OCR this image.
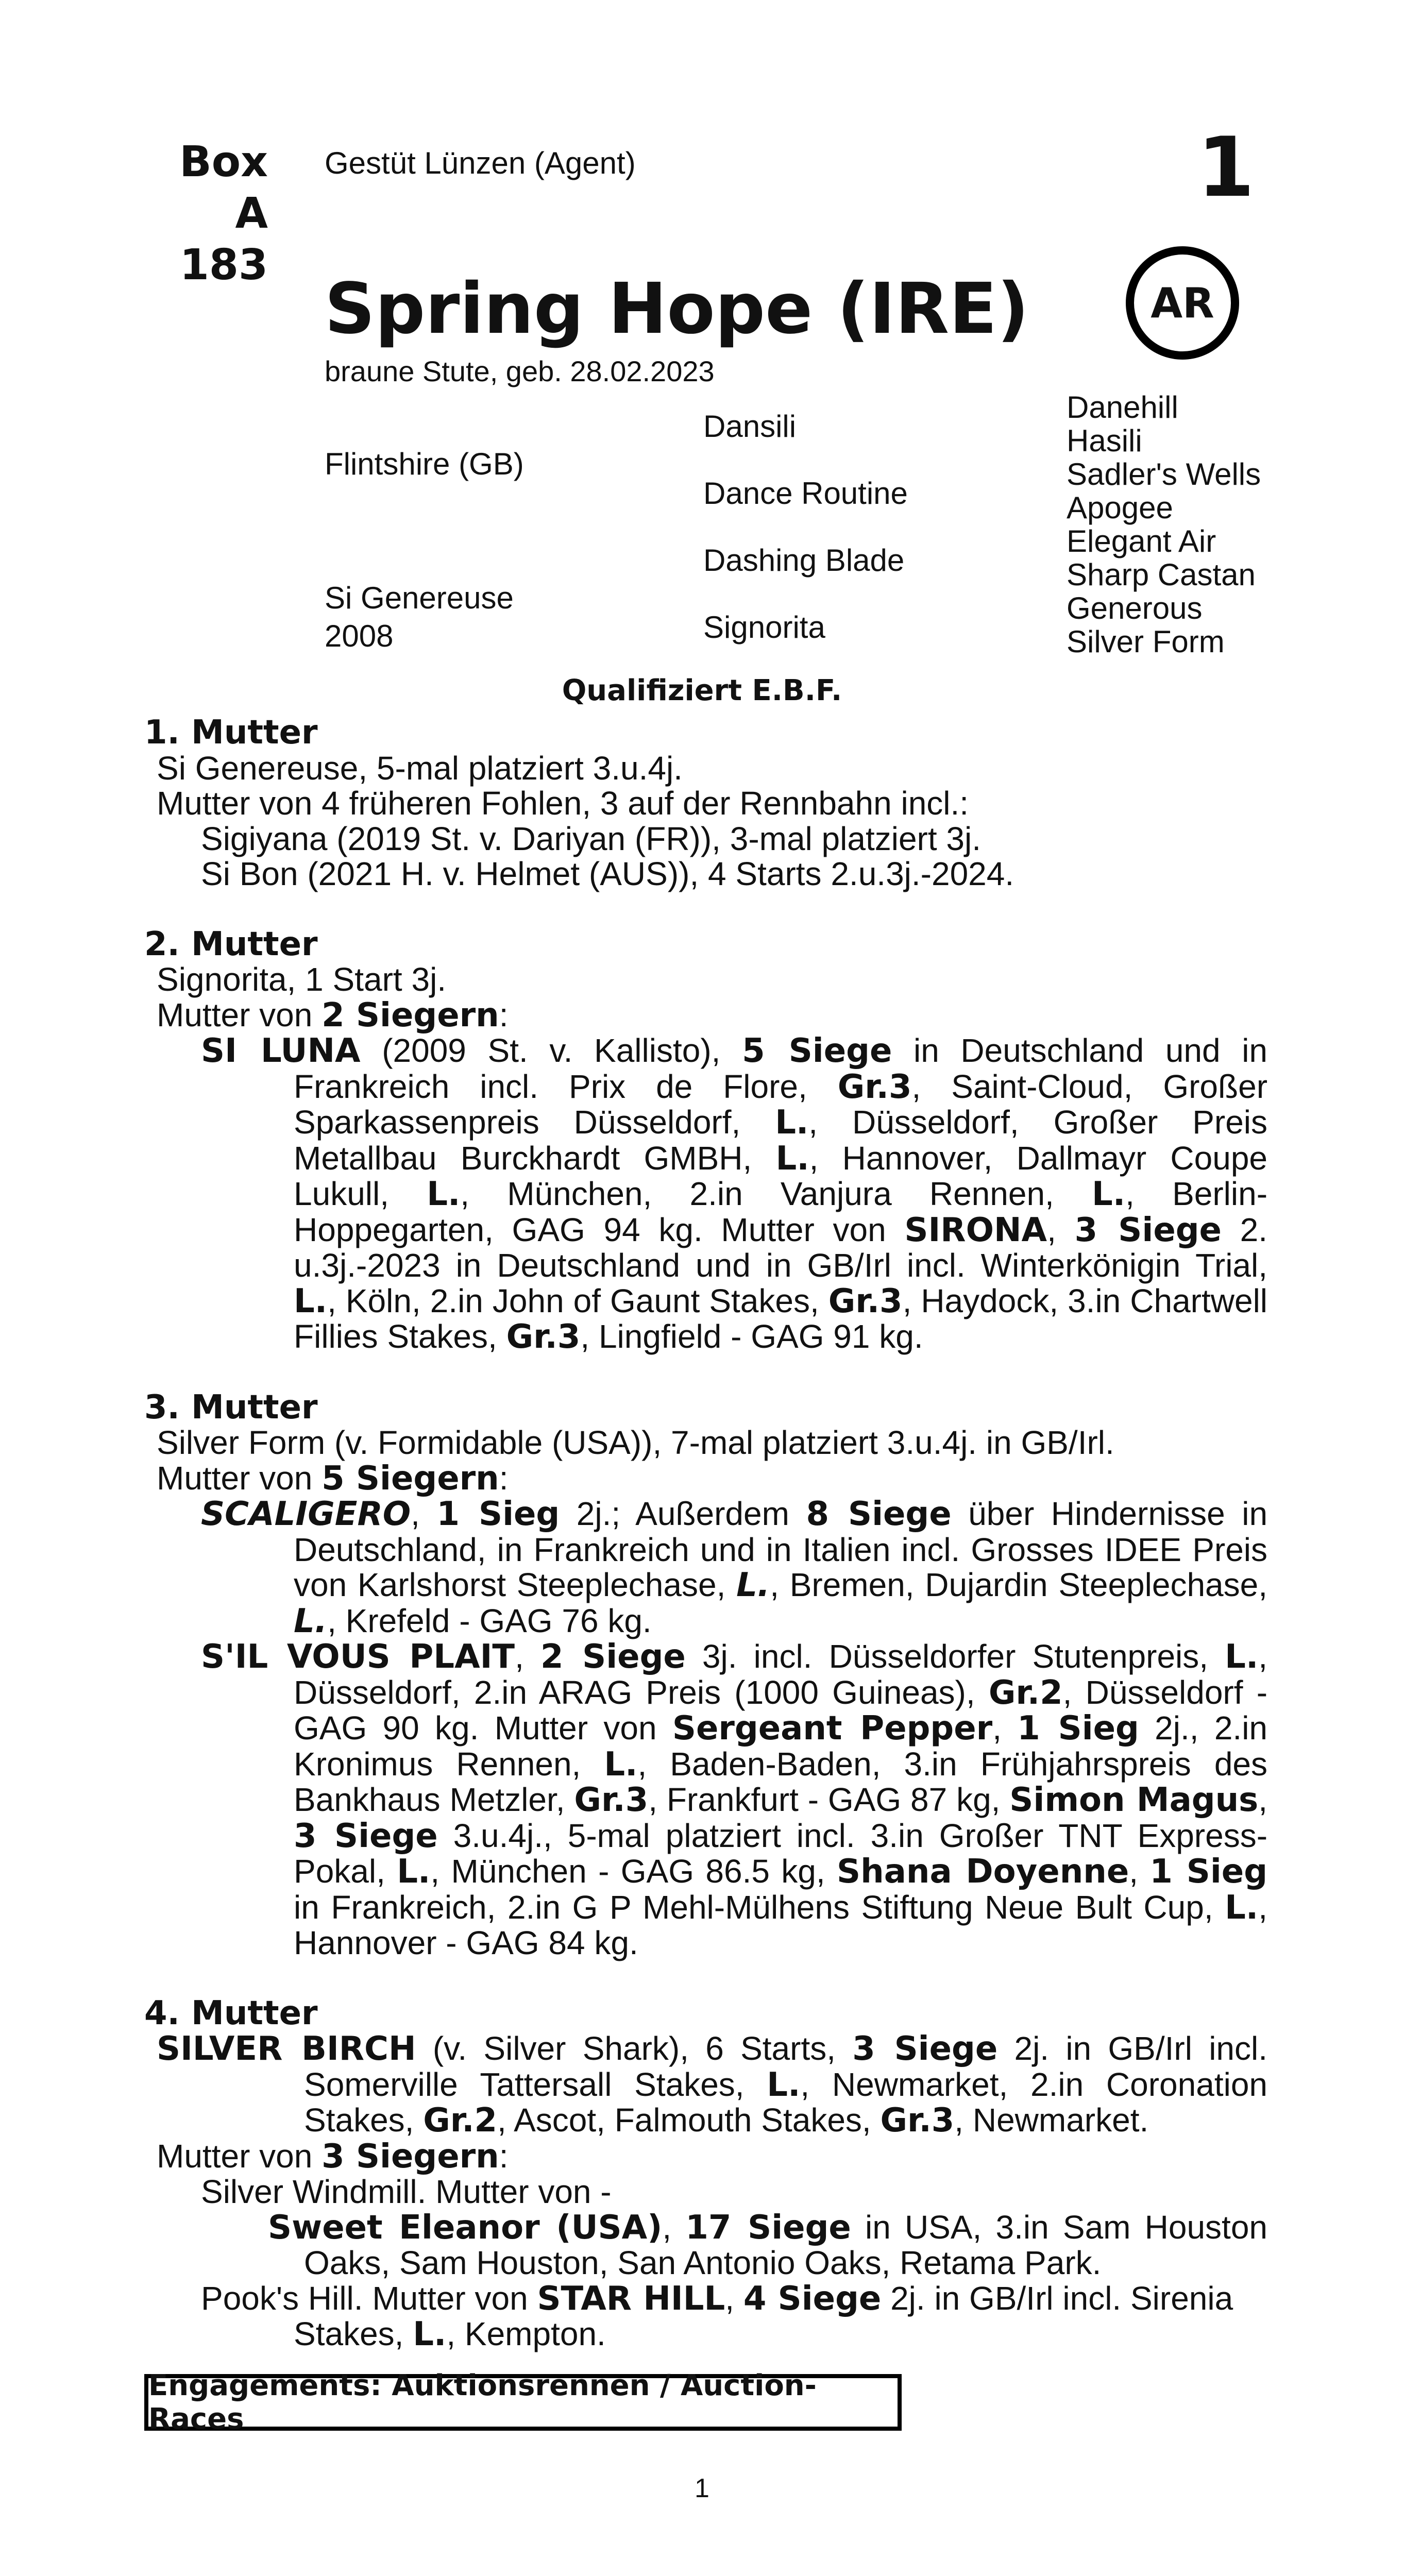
Box
A 183
Gestüt Lünzen (Agent)	1
Spring Hope (IRE)	AR
braune Stute, geb. 28.02.2023
Flintshire (GB)
Si Genereuse
2008
Dansili
Dance Routine
Dashing Blade
Signorita
Danehill
Hasili
Sadler's Wells
Apogee
Elegant Air
Sharp Castan
Generous
Silver Form
Qualifiziert E.B.F.
1. Mutter
Si Genereuse, 5-mal platziert 3.u.4j.
Mutter von 4 früheren Fohlen, 3 auf der Rennbahn incl.:
Sigiyana (2019 St. v. Dariyan (FR)), 3-mal platziert 3j.
Si Bon (2021 H. v. Helmet (AUS)), 4 Starts 2.u.3j.-2024.
2. Mutter
Signorita, 1 Start 3j.
Mutter von 2 Siegern:
SI LUNA (2009 St. v. Kallisto), 5 Siege in Deutschland und in Frankreich incl. Prix de Flore, Gr.3, Saint-Cloud, Großer Sparkassenpreis Düsseldorf, L., Düsseldorf, Großer Preis Metallbau Burckhardt GMBH, L., Hannover, Dallmayr Coupe Lukull, L., München, 2.in Vanjura Rennen, L., Berlin-Hoppegarten, GAG 94 kg. Mutter von SIRONA, 3 Siege 2. u.3j.-2023 in Deutschland und in GB/Irl incl. Winterkönigin Trial, L., Köln, 2.in John of Gaunt Stakes, Gr.3, Haydock, 3.in Chartwell Fillies Stakes, Gr.3, Lingfield - GAG 91 kg.
3. Mutter
Silver Form (v. Formidable (USA)), 7-mal platziert 3.u.4j. in GB/Irl.
Mutter von 5 Siegern:
SCALIGERO, 1 Sieg 2j.; Außerdem 8 Siege über Hindernisse in Deutschland, in Frankreich und in Italien incl. Grosses IDEE Preis von Karlshorst Steeplechase, L., Bremen, Dujardin Steeplechase, L., Krefeld - GAG 76 kg.
S'IL VOUS PLAIT, 2 Siege 3j. incl. Düsseldorfer Stutenpreis, L., Düsseldorf, 2.in ARAG Preis (1000 Guineas), Gr.2, Düsseldorf - GAG 90 kg. Mutter von Sergeant Pepper, 1 Sieg 2j., 2.in Kronimus Rennen, L., Baden-Baden, 3.in Frühjahrspreis des Bankhaus Metzler, Gr.3, Frankfurt - GAG 87 kg, Simon Magus, 3 Siege 3.u.4j., 5-mal platziert incl. 3.in Großer TNT Express-Pokal, L., München - GAG 86.5 kg, Shana Doyenne, 1 Sieg in Frankreich, 2.in G P Mehl-Mülhens Stiftung Neue Bult Cup, L., Hannover - GAG 84 kg.
4. Mutter
SILVER BIRCH (v. Silver Shark), 6 Starts, 3 Siege 2j. in GB/Irl incl. Somerville Tattersall Stakes, L., Newmarket, 2.in Coronation Stakes, Gr.2, Ascot, Falmouth Stakes, Gr.3, Newmarket.
Mutter von 3 Siegern:
Silver Windmill. Mutter von -
Sweet Eleanor (USA), 17 Siege in USA, 3.in Sam Houston Oaks, Sam Houston, San Antonio Oaks, Retama Park.
Pook's Hill. Mutter von STAR HILL, 4 Siege 2j. in GB/Irl incl. Sirenia Stakes, L., Kempton.
Engagements: Auktionsrennen / Auction-Races
1
